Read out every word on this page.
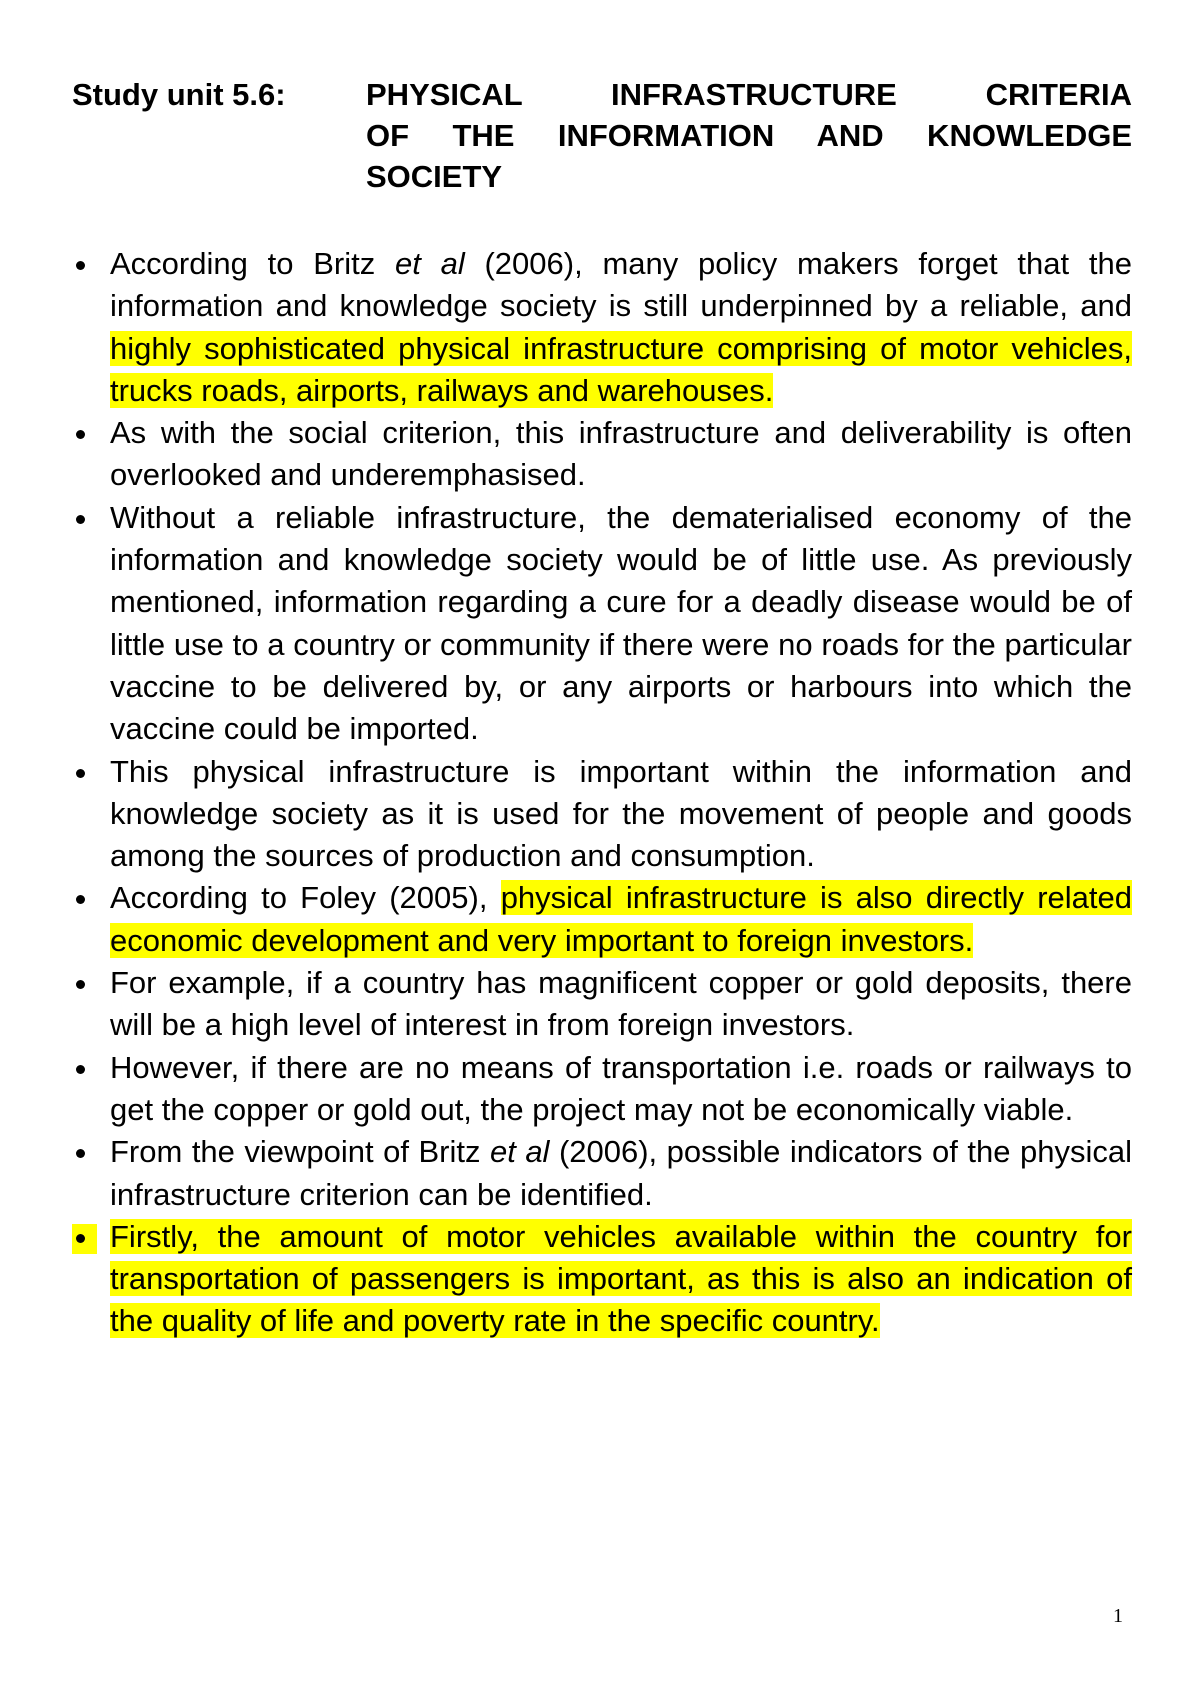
Study unit 5.6:	PHYSICAL INFRASTRUCTURE CRITERIA
OF THE INFORMATION AND KNOWLEDGE
SOCIETY
According to Britz et al (2006), many policy makers forget that the information and knowledge society is still underpinned by a reliable, and highly sophisticated physical infrastructure comprising of motor vehicles, trucks roads, airports, railways and warehouses.
As with the social criterion, this infrastructure and deliverability is often overlooked and underemphasised.
Without a reliable infrastructure, the dematerialised economy of the information and knowledge society would be of little use. As previously mentioned, information regarding a cure for a deadly disease would be of little use to a country or community if there were no roads for the particular vaccine to be delivered by, or any airports or harbours into which the vaccine could be imported.
This physical infrastructure is important within the information and knowledge society as it is used for the movement of people and goods among the sources of production and consumption.
According to Foley (2005), physical infrastructure is also directly related economic development and very important to foreign investors.
For example, if a country has magnificent copper or gold deposits, there will be a high level of interest in from foreign investors.
However, if there are no means of transportation i.e. roads or railways to get the copper or gold out, the project may not be economically viable.
From the viewpoint of Britz et al (2006), possible indicators of the physical infrastructure criterion can be identified.
Firstly, the amount of motor vehicles available within the country for transportation of passengers is important, as this is also an indication of the quality of life and poverty rate in the specific country.
1
